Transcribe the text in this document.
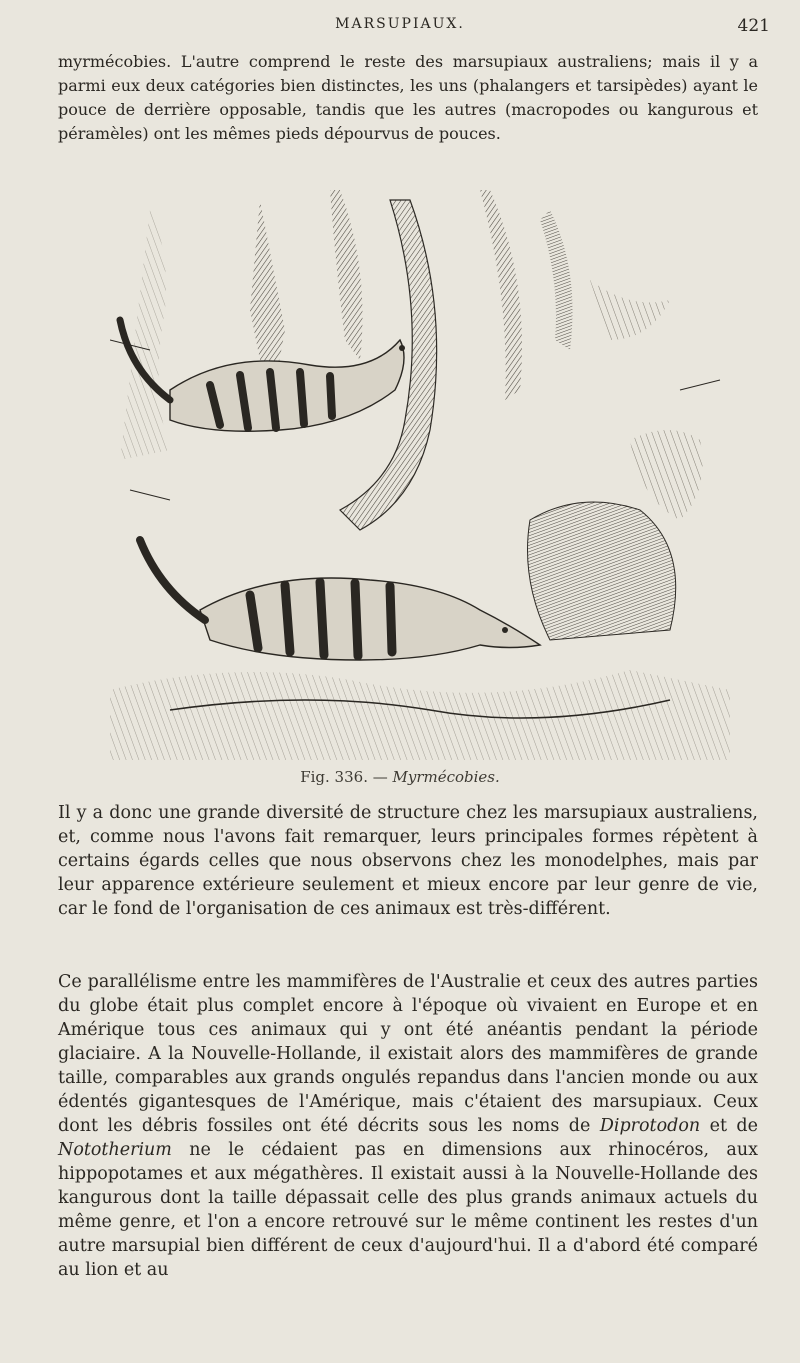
MARSUPIAUX.	421

myrmécobies. L'autre comprend le reste des marsupiaux australiens; mais il y a parmi eux deux catégories bien distinctes, les uns (phalangers et tarsipèdes) ayant le pouce de derrière opposable, tandis que les autres (macropodes ou kangurous et péramèles) ont les mêmes pieds dépourvus de pouces.

Fig. 336. — Myrmécobies.

Il y a donc une grande diversité de structure chez les marsupiaux australiens, et, comme nous l'avons fait remarquer, leurs principales formes répètent à certains égards celles que nous observons chez les monodelphes, mais par leur apparence extérieure seulement et mieux encore par leur genre de vie, car le fond de l'organisation de ces animaux est très-différent.

Ce parallélisme entre les mammifères de l'Australie et ceux des autres parties du globe était plus complet encore à l'époque où vivaient en Europe et en Amérique tous ces animaux qui y ont été anéantis pendant la période glaciaire. A la Nouvelle-Hollande, il existait alors des mammifères de grande taille, comparables aux grands ongulés repandus dans l'ancien monde ou aux édentés gigantesques de l'Amérique, mais c'étaient des marsupiaux. Ceux dont les débris fossiles ont été décrits sous les noms de Diprotodon et de Nototherium ne le cédaient pas en dimensions aux rhinocéros, aux hippopotames et aux mégathères. Il existait aussi à la Nouvelle-Hollande des kangurous dont la taille dépassait celle des plus grands animaux actuels du même genre, et l'on a encore retrouvé sur le même continent les restes d'un autre marsupial bien différent de ceux d'aujourd'hui. Il a d'abord été comparé au lion et au
